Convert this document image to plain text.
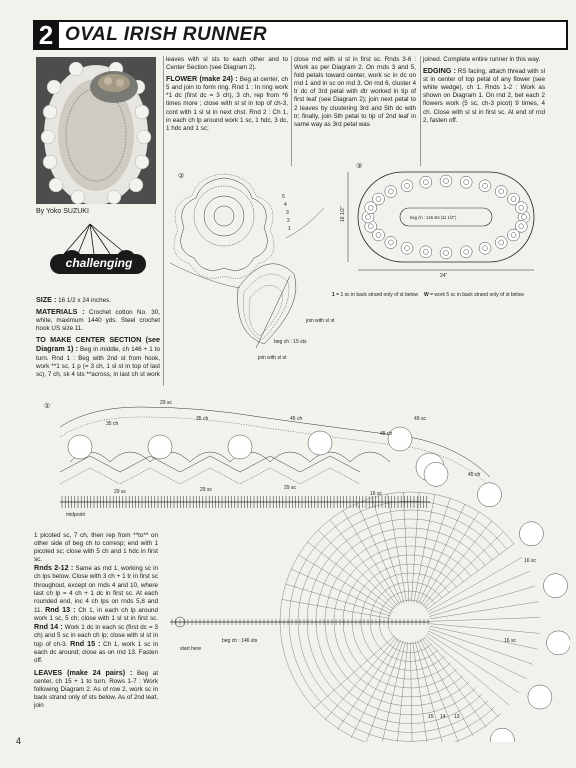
2 OVAL IRISH RUNNER
By Yoko SUZUKI
challenging
SIZE : 16 1/2 x 24 inches.
MATERIALS : Crochet cotton No. 30, white, maximum 1440 yds. Steel crochet hook US size 11.
TO MAKE CENTER SECTION (see Diagram 1) : Beg in middle, ch 146 + 1 to turn. Rnd 1 : Beg with 2nd st from hook, work **1 sc, 1 p (= 3 ch, 1 sl st in top of last sc), 7 ch, sk 4 sts **across, in last ch st work
leaves with sl sts to each other and to Center Section (see Diagram 2).
FLOWER (make 24) : Beg at center, ch 5 and join to form ring. Rnd 1 : In ring work *1 dc (first dc = 3 ch), 3 ch, rep from *6 times more ; close with sl st in top of ch-3, cont with 1 sl st in next chst. Rnd 2 : Ch 1, in each ch lp around work 1 sc, 1 hdc, 3 dc, 1 hdc and 1 sc;
close rnd with sl st in first sc. Rnds 3-6 : Work as per Diagram 2. On rnds 3 and 5, fold petals toward center, work sc in dc on rnd 1 and in sc on rnd 3. On rnd 6, cluster 4 tr dc of 3rd petal with dtr worked in tip of first leaf (see Diagram 2); join next petal to 2 leaves by clustering 3rd and 5th dc with tr; finally, join 5th petal to tip of 2nd leaf in same way as 3rd petal was
joined. Complete entire runner in this way.
EDGING : RS facing, attach thread with sl st in center of top petal of any flower (see white wedge), ch 1. Rnds 1-2 : Work as shown on Diagram 1. On rnd 2, bet each 2 flowers work (5 sc, ch-3 picot) 9 times, 4 ch. Close with sl st in first sc. At end of rnd 2, fasten off.
②
5
4
3
2
1
join with sl st
beg ch : 15 sts
join with sl st
③
16 1/2"
24"
beg ch : 146 sts (11 1/2")
1 = 1 sc in back strand only of st below	W = work 5 sc in back strand only of st below
①
35 ch
35 ch	45 ch
45 ch
49 sc
29 sc
29 sc	29 sc	29 sc
16 sc
45 ch
16 sc
16 sc
midpoint
start here
beg ch : 146 sts
15 14 13
1 picoted sc, 7 ch, then rep from **to** on other side of beg ch to corresp; end with 1 picoted sc; close with 5 ch and 1 hdc in first sc.
Rnds 2-12 : Same as rnd 1, working sc in ch lps below. Close with 3 ch + 1 tr in first sc throughout, except on rnds 4 and 10, where last ch lp = 4 ch + 1 dc in first sc. At each rounded end, inc 4 ch lps on rnds 5,8 and 11. Rnd 13 : Ch 1, in each ch lp around work 1 sc, 5 ch; close with 1 sl st in first sc. Rnd 14 : Work 1 dc in each sc (first dc = 3 ch) and 5 sc in each ch lp; close with sl st in top of ch-3. Rnd 15 : Ch 1, work 1 sc in each dc around; close as on rnd 13. Fasten off.
LEAVES (make 24 pairs) : Beg at center, ch 15 + 1 to turn. Rows 1-7 : Work following Diagram 2. As of row 2, work sc in back strand only of sts below. As of 2nd leaf, join
4
